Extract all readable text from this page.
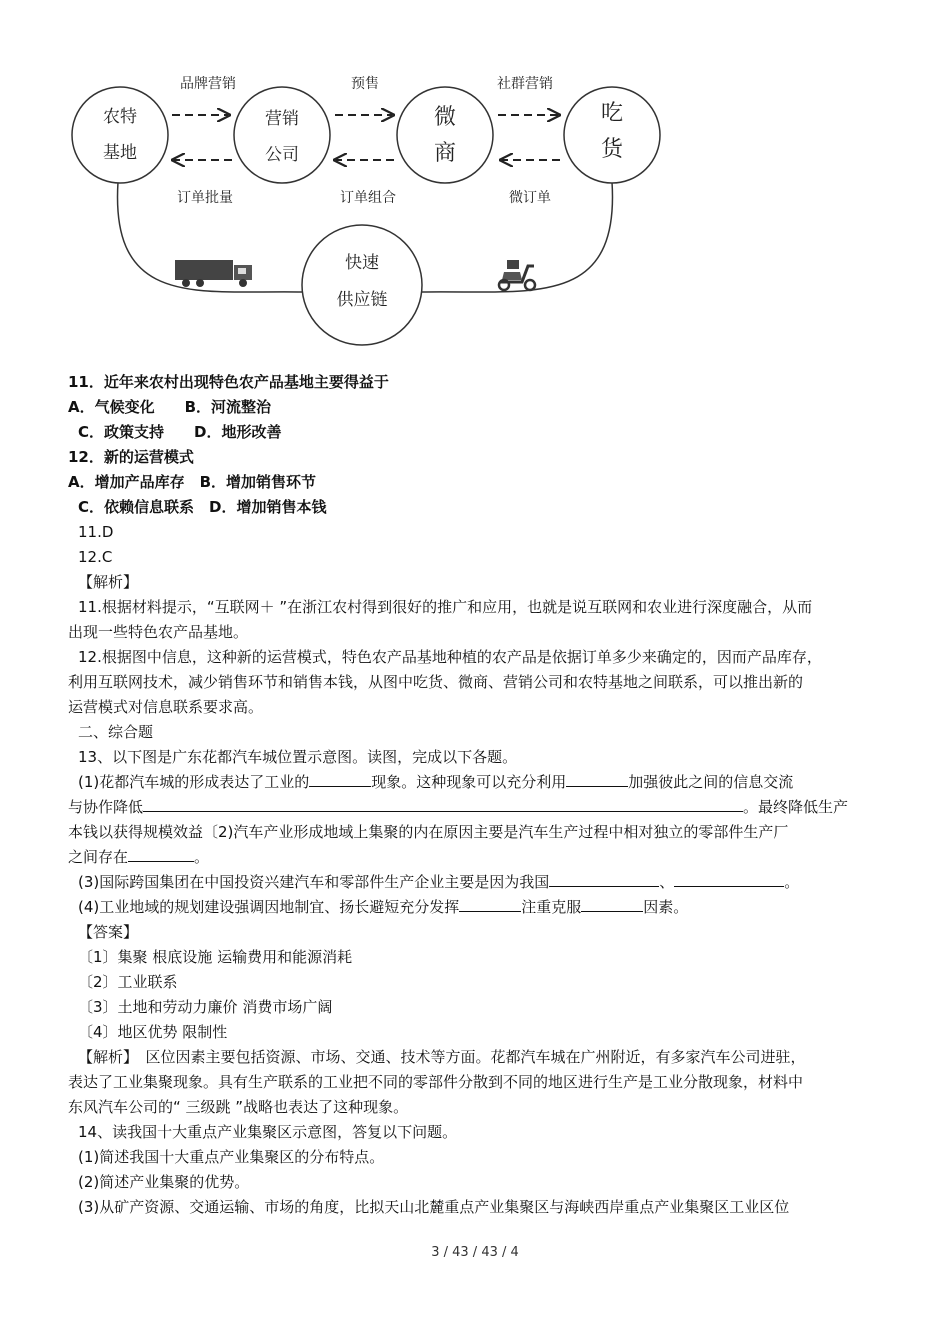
农特
基地
营销
公司
微
商
吃
货
快速
供应链
品牌营销	预售	社群营销
订单批量	订单组合	微订单
11．近年来农村出现特色农产品基地主要得益于
A．气候变化　　B．河流整治
C．政策支持　　D．地形改善
12．新的运营模式
A．增加产品库存　B．增加销售环节
C．依赖信息联系　D．增加销售本钱
11.D
12.C
【解析】
11.根据材料提示，“互联网＋ ”在浙江农村得到很好的推广和应用，也就是说互联网和农业进行深度融合，从而
出现一些特色农产品基地。
12.根据图中信息，这种新的运营模式，特色农产品基地种植的农产品是依据订单多少来确定的，因而产品库存，
利用互联网技术，减少销售环节和销售本钱，从图中吃货、微商、营销公司和农特基地之间联系，可以推出新的
运营模式对信息联系要求高。
二、综合题
13、以下图是广东花都汽车城位置示意图。读图，完成以下各题。
(1)花都汽车城的形成表达了工业的	现象。这种现象可以充分利用	加强彼此之间的信息交流
与协作降低	。最终降低生产
本钱以获得规模效益〔2)汽车产业形成地域上集聚的内在原因主要是汽车生产过程中相对独立的零部件生产厂
之间存在	。
(3)国际跨国集团在中国投资兴建汽车和零部件生产企业主要是因为我国	、	。
(4)工业地域的规划建设强调因地制宜、扬长避短充分发挥	注重克服	因素。
【答案】
〔1〕集聚 根底设施 运输费用和能源消耗
〔2〕工业联系
〔3〕土地和劳动力廉价 消费市场广阔
〔4〕地区优势 限制性
【解析】　区位因素主要包括资源、市场、交通、技术等方面。花都汽车城在广州附近，有多家汽车公司进驻，
表达了工业集聚现象。具有生产联系的工业把不同的零部件分散到不同的地区进行生产是工业分散现象，材料中
东风汽车公司的“ 三级跳 ”战略也表达了这种现象。
14、读我国十大重点产业集聚区示意图，答复以下问题。
(1)简述我国十大重点产业集聚区的分布特点。
(2)简述产业集聚的优势。
(3)从矿产资源、交通运输、市场的角度，比拟天山北麓重点产业集聚区与海峡西岸重点产业集聚区工业区位
3 / 43 / 43 / 4
